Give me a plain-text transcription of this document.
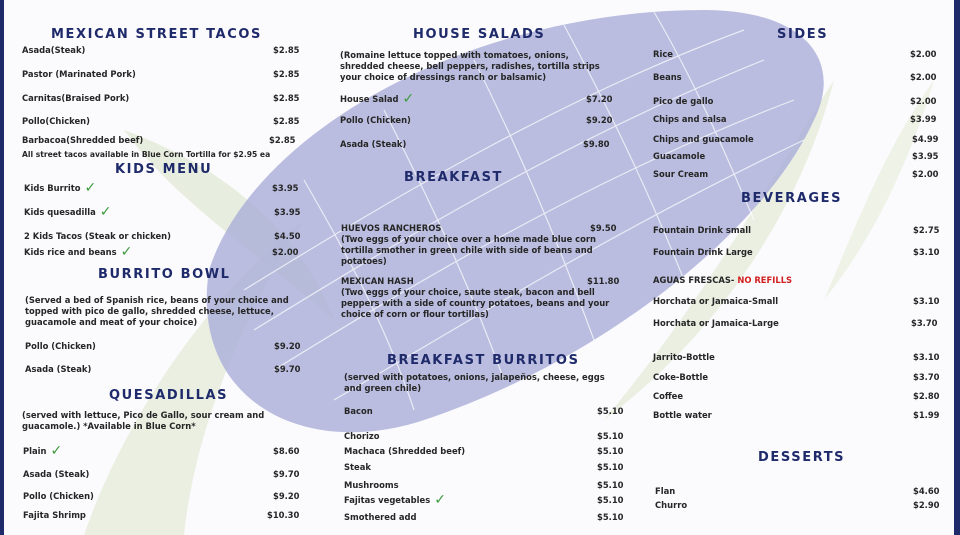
MEXICAN STREET TACOS
Asada(Steak)	$2.85
Pastor (Marinated Pork)	$2.85
Carnitas(Braised Pork)	$2.85
Pollo(Chicken)	$2.85
Barbacoa(Shredded beef)	$2.85
All street tacos available in Blue Corn Tortilla for $2.95 ea
KIDS MENU
Kids Burrito ✓	$3.95
Kids quesadilla ✓	$3.95
2 Kids Tacos (Steak or chicken)	$4.50
Kids rice and beans ✓	$2.00
BURRITO BOWL
(Served a bed of Spanish rice, beans of your choice and topped with pico de gallo, shredded cheese, lettuce, guacamole and meat of your choice)
Pollo (Chicken)	$9.20
Asada (Steak)	$9.70
QUESADILLAS
(served with lettuce, Pico de Gallo, sour cream and guacamole.) *Available in Blue Corn*
Plain ✓	$8.60
Asada (Steak)	$9.70
Pollo (Chicken)	$9.20
Fajita Shrimp	$10.30
HOUSE SALADS
(Romaine lettuce topped with tomatoes, onions, shredded cheese, bell peppers, radishes, tortilla strips your choice of dressings ranch or balsamic)
House Salad ✓	$7.20
Pollo (Chicken)	$9.20
Asada (Steak)	$9.80
BREAKFAST
HUEVOS RANCHEROS	$9.50
(Two eggs of your choice over a home made blue corn tortilla smother in green chile with side of beans and potatoes)
MEXICAN HASH	$11.80
(Two eggs of your choice, saute steak, bacon and bell peppers with a side of country potatoes, beans and your choice of corn or flour tortillas)
BREAKFAST BURRITOS
(served with potatoes, onions, jalapeños, cheese, eggs and green chile)
Bacon	$5.10
Chorizo	$5.10
Machaca (Shredded beef)	$5.10
Steak	$5.10
Mushrooms	$5.10
Fajitas vegetables ✓	$5.10
Smothered add	$5.10
SIDES
Rice	$2.00
Beans	$2.00
Pico de gallo	$2.00
Chips and salsa	$3.99
Chips and guacamole	$4.99
Guacamole	$3.95
Sour Cream	$2.00
BEVERAGES
Fountain Drink small	$2.75
Fountain Drink Large	$3.10
AGUAS FRESCAS- NO REFILLS
Horchata or Jamaica-Small	$3.10
Horchata or Jamaica-Large	$3.70
Jarrito-Bottle	$3.10
Coke-Bottle	$3.70
Coffee	$2.80
Bottle water	$1.99
DESSERTS
Flan	$4.60
Churro	$2.90
